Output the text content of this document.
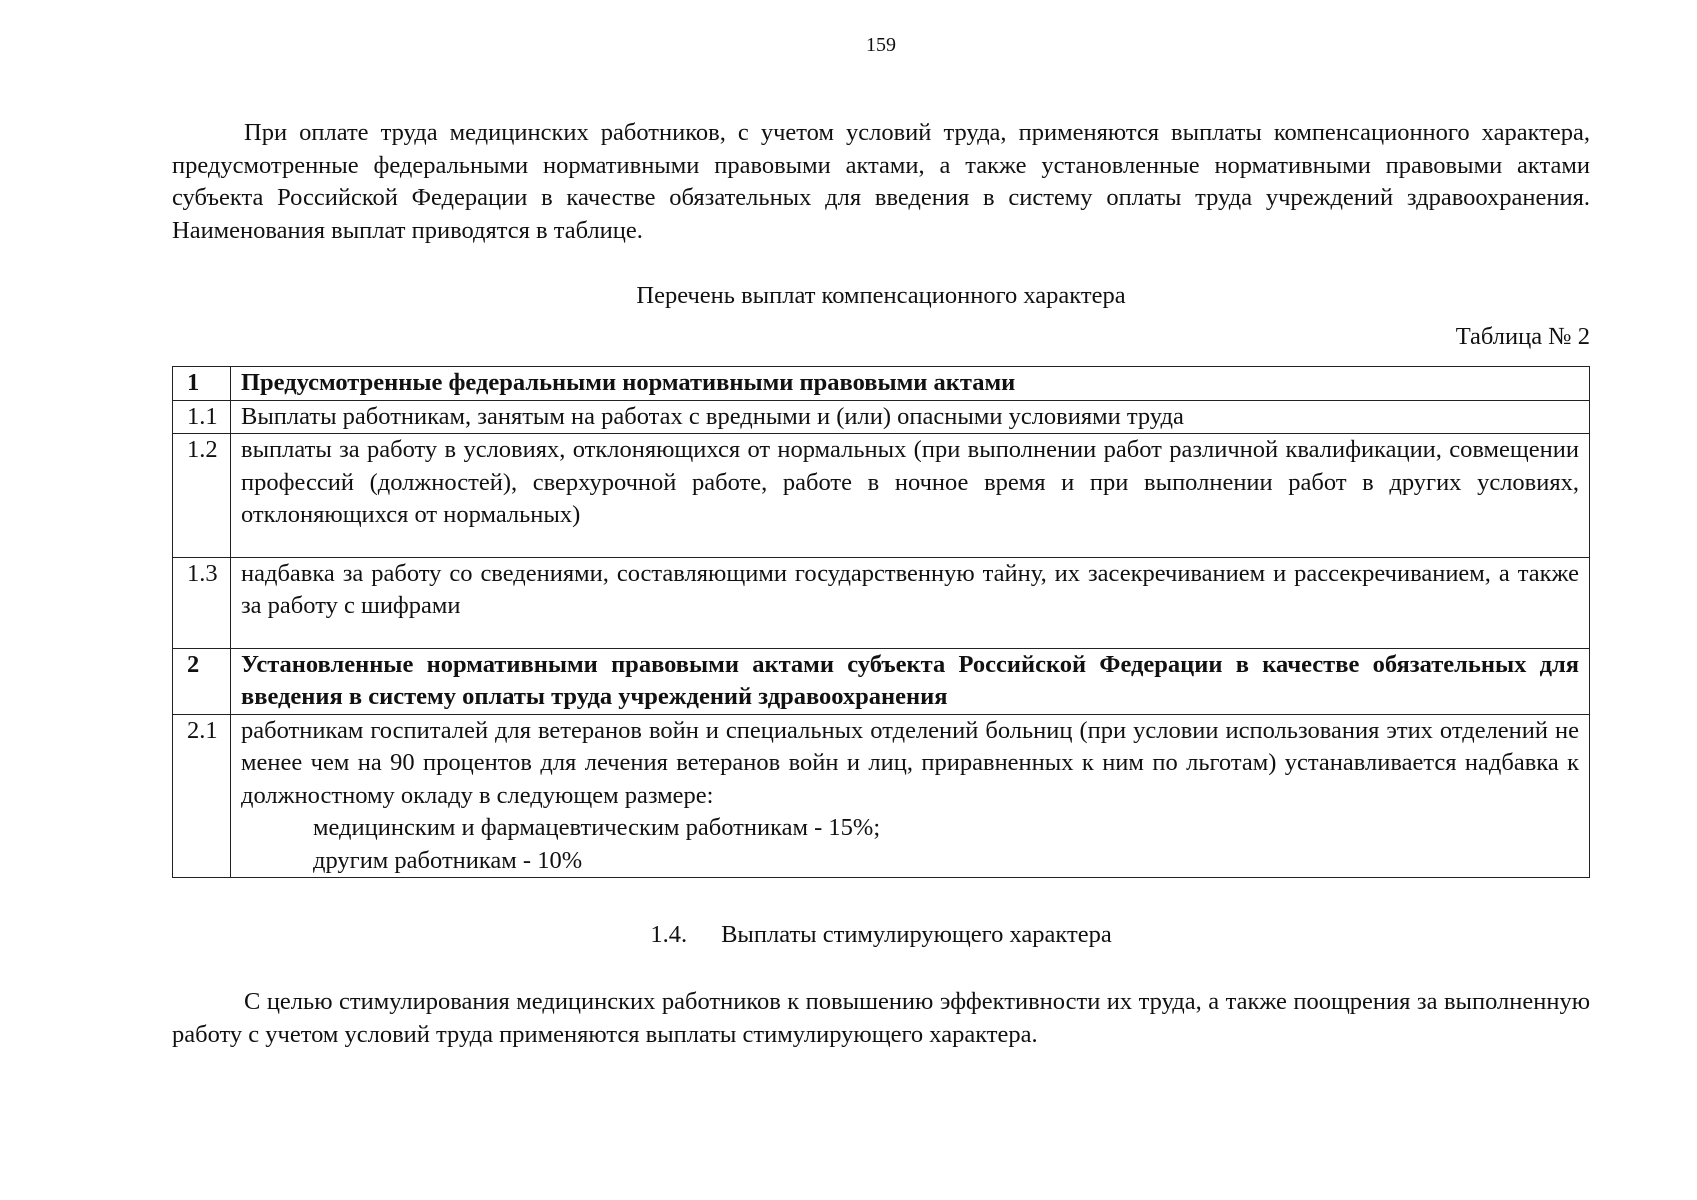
159

При оплате труда медицинских работников, с учетом условий труда, применяются выплаты компенсационного характера, предусмотренные федеральными нормативными правовыми актами, а также установленные нормативными правовыми актами субъекта Российской Федерации в качестве обязательных для введения в систему оплаты труда учреждений здравоохранения. Наименования выплат приводятся в таблице.

Перечень выплат компенсационного характера
Таблица № 2
1	Предусмотренные федеральными нормативными правовыми актами
1.1	Выплаты работникам, занятым на работах с вредными и (или) опасными условиями труда
1.2	выплаты за работу в условиях, отклоняющихся от нормальных (при выполнении работ различной квалификации, совмещении профессий (должностей), сверхурочной работе, работе в ночное время и при выполнении работ в других условиях, отклоняющихся от нормальных)
1.3	надбавка за работу со сведениями, составляющими государственную тайну, их засекречиванием и рассекречиванием, а также за работу с шифрами
2	Установленные нормативными правовыми актами субъекта Российской Федерации в качестве обязательных для введения в систему оплаты труда учреждений здравоохранения
2.1	работникам госпиталей для ветеранов войн и специальных отделений больниц (при условии использования этих отделений не менее чем на 90 процентов для лечения ветеранов войн и лиц, приравненных к ним по льготам) устанавливается надбавка к должностному окладу в следующем размере:
медицинским и фармацевтическим работникам - 15%;
другим работникам - 10%
1.4. Выплаты стимулирующего характера

С целью стимулирования медицинских работников к повышению эффективности их труда, а также поощрения за выполненную работу с учетом условий труда применяются выплаты стимулирующего характера.
